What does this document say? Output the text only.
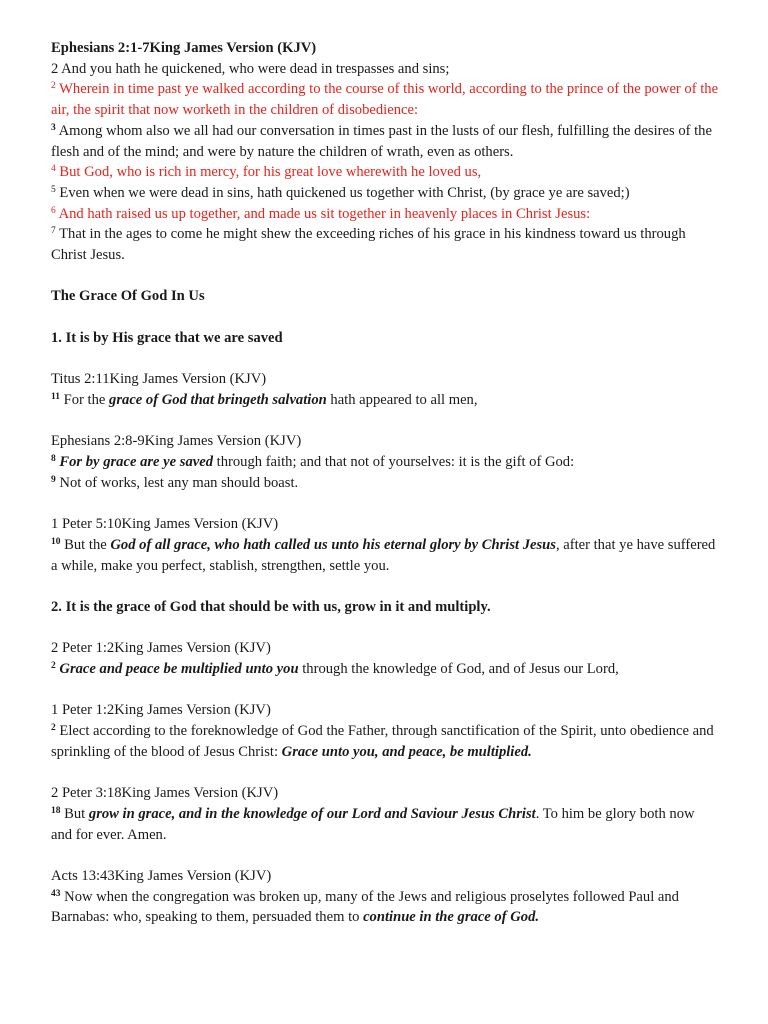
Ephesians 2:1-7King James Version (KJV)
2 And you hath he quickened, who were dead in trespasses and sins;
$^2$ Wherein in time past ye walked according to the course of this world, according to the prince of the power of the air, the spirit that now worketh in the children of disobedience:
$^3$ Among whom also we all had our conversation in times past in the lusts of our flesh, fulfilling the desires of the flesh and of the mind; and were by nature the children of wrath, even as others.
$^4$ But God, who is rich in mercy, for his great love wherewith he loved us,
$^5$ Even when we were dead in sins, hath quickened us together with Christ, (by grace ye are saved;)
$^6$ And hath raised us up together, and made us sit together in heavenly places in Christ Jesus:
$^7$ That in the ages to come he might shew the exceeding riches of his grace in his kindness toward us through Christ Jesus.
The Grace Of God In Us
1. It is by His grace that we are saved
Titus 2:11King James Version (KJV)
$^{11}$ For the grace of God that bringeth salvation hath appeared to all men,
Ephesians 2:8-9King James Version (KJV)
$^8$ For by grace are ye saved through faith; and that not of yourselves: it is the gift of God:
$^9$ Not of works, lest any man should boast.
1 Peter 5:10King James Version (KJV)
$^{10}$ But the God of all grace, who hath called us unto his eternal glory by Christ Jesus, after that ye have suffered a while, make you perfect, stablish, strengthen, settle you.
2. It is the grace of God that should be with us, grow in it and multiply.
2 Peter 1:2King James Version (KJV)
$^2$ Grace and peace be multiplied unto you through the knowledge of God, and of Jesus our Lord,
1 Peter 1:2King James Version (KJV)
$^2$ Elect according to the foreknowledge of God the Father, through sanctification of the Spirit, unto obedience and sprinkling of the blood of Jesus Christ: Grace unto you, and peace, be multiplied.
2 Peter 3:18King James Version (KJV)
$^{18}$ But grow in grace, and in the knowledge of our Lord and Saviour Jesus Christ. To him be glory both now and for ever. Amen.
Acts 13:43King James Version (KJV)
$^{43}$ Now when the congregation was broken up, many of the Jews and religious proselytes followed Paul and Barnabas: who, speaking to them, persuaded them to continue in the grace of God.
